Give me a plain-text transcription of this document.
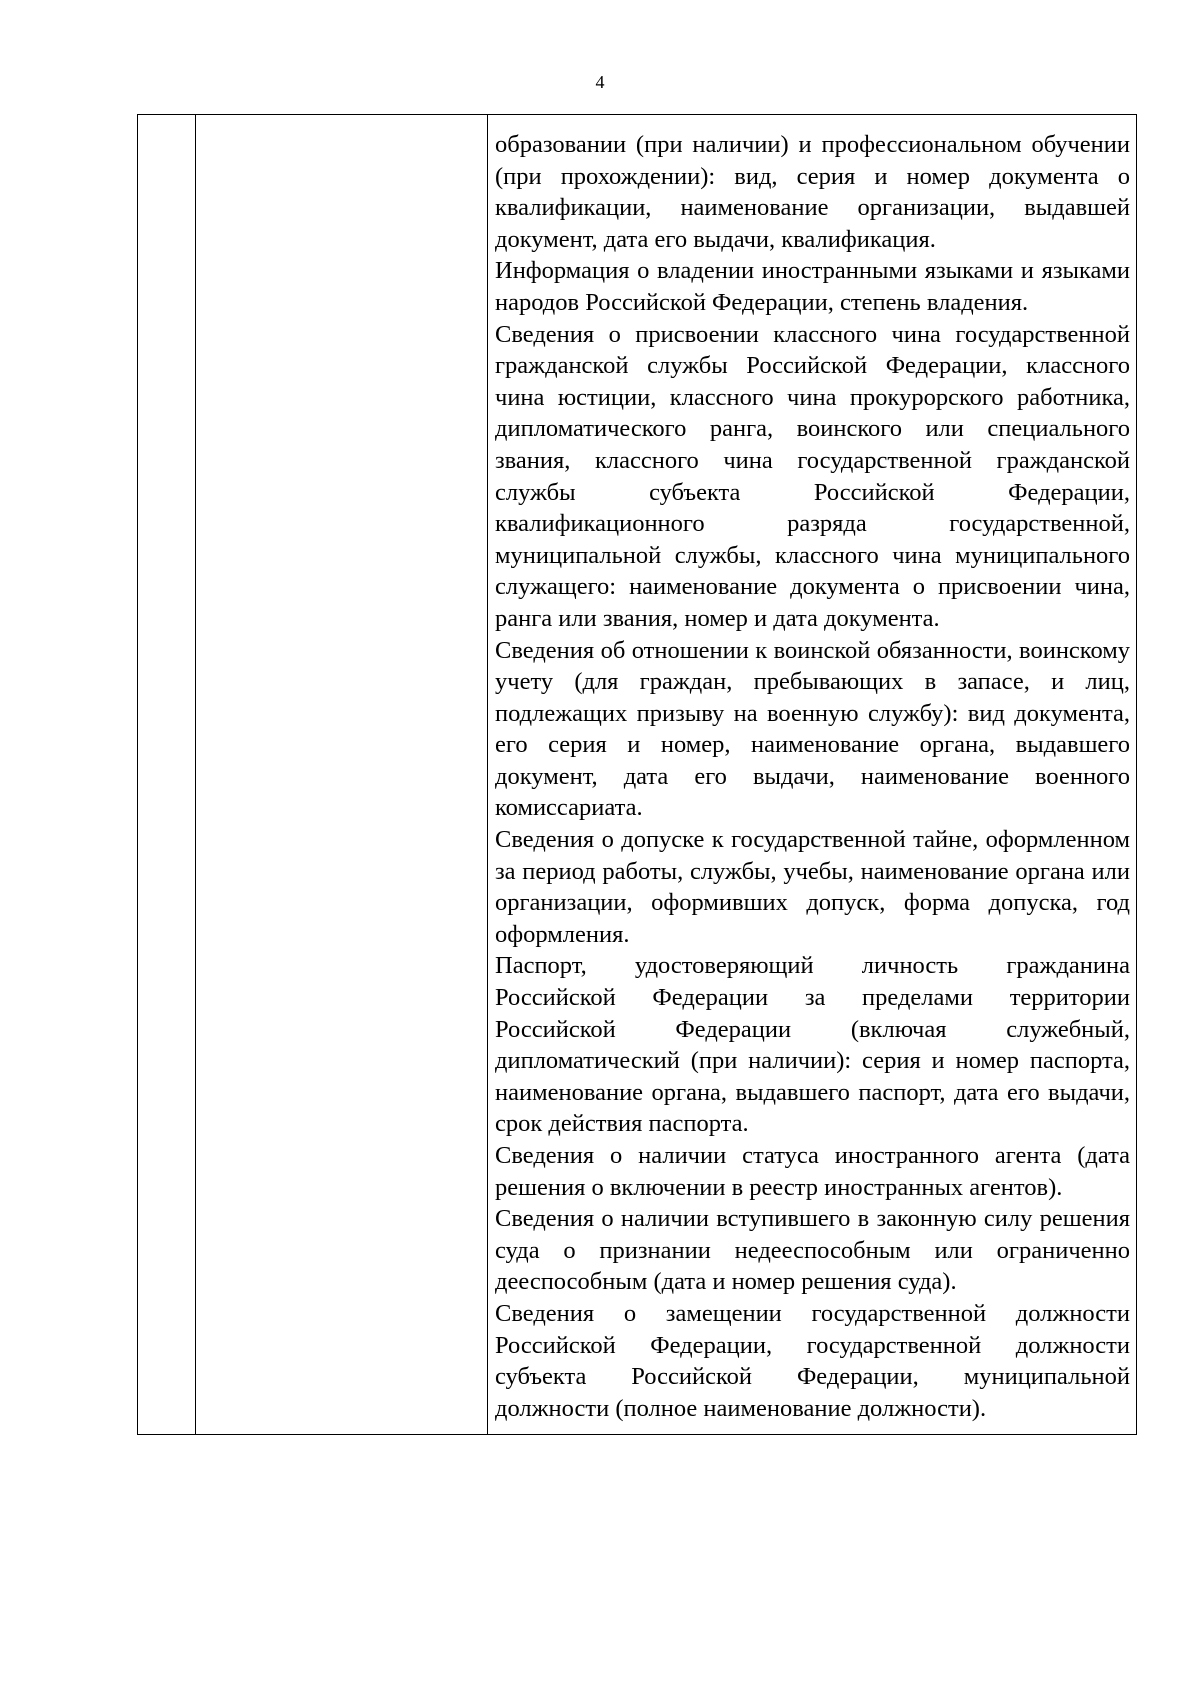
4

образовании (при наличии) и профессиональном обучении (при прохождении): вид, серия и номер документа о квалификации, наименование организации, выдавшей документ, дата его выдачи, квалификация.

Информация о владении иностранными языками и языками народов Российской Федерации, степень владения.

Сведения о присвоении классного чина государственной гражданской службы Российской Федерации, классного чина юстиции, классного чина прокурорского работника, дипломатического ранга, воинского или специального звания, классного чина государственной гражданской службы субъекта Российской Федерации, квалификационного разряда государственной, муниципальной службы, классного чина муниципального служащего: наименование документа о присвоении чина, ранга или звания, номер и дата документа.

Сведения об отношении к воинской обязанности, воинскому учету (для граждан, пребывающих в запасе, и лиц, подлежащих призыву на военную службу): вид документа, его серия и номер, наименование органа, выдавшего документ, дата его выдачи, наименование военного комиссариата.

Сведения о допуске к государственной тайне, оформленном за период работы, службы, учебы, наименование органа или организации, оформивших допуск, форма допуска, год оформления.

Паспорт, удостоверяющий личность гражданина Российской Федерации за пределами территории Российской Федерации (включая служебный, дипломатический (при наличии): серия и номер паспорта, наименование органа, выдавшего паспорт, дата его выдачи, срок действия паспорта.

Сведения о наличии статуса иностранного агента (дата решения о включении в реестр иностранных агентов).

Сведения о наличии вступившего в законную силу решения суда о признании недееспособным или ограниченно дееспособным (дата и номер решения суда).

Сведения о замещении государственной должности Российской Федерации, государственной должности субъекта Российской Федерации, муниципальной должности (полное наименование должности).
